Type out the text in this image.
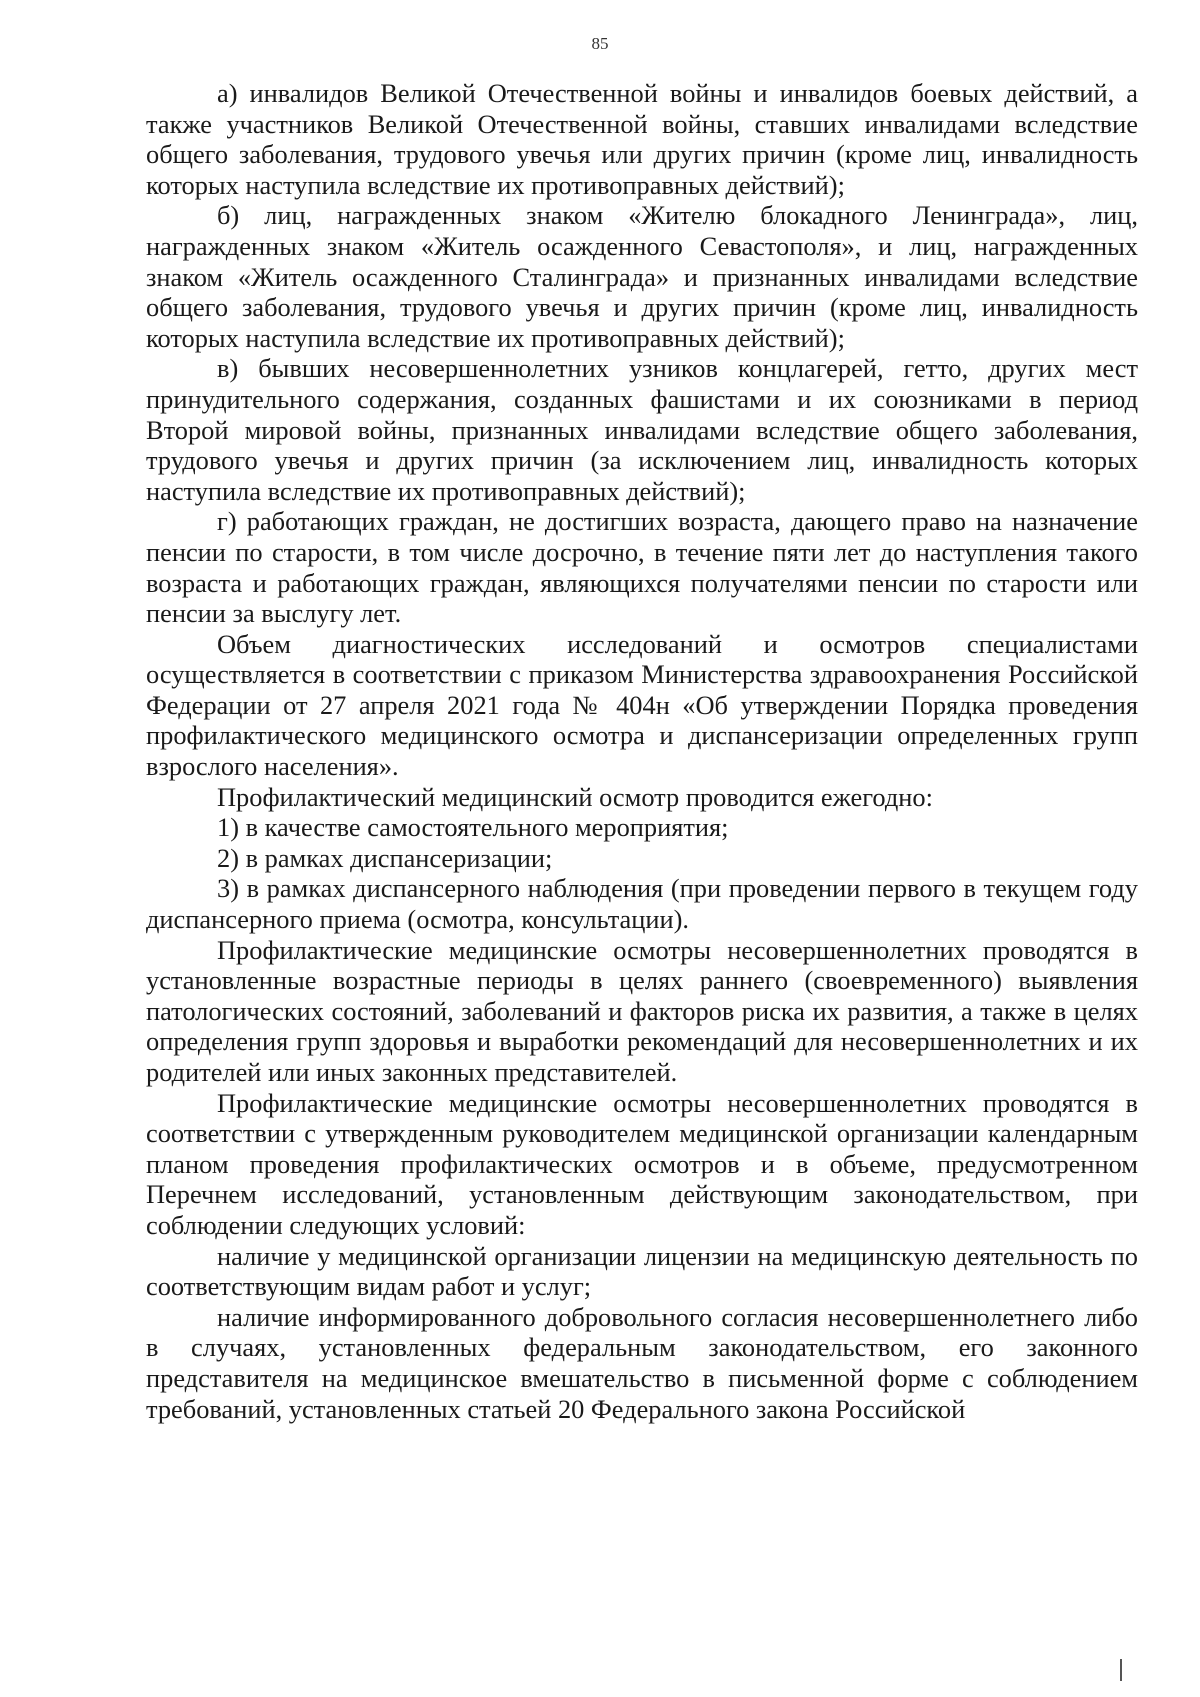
85

а) инвалидов Великой Отечественной войны и инвалидов боевых действий, а также участников Великой Отечественной войны, ставших инвалидами вследствие общего заболевания, трудового увечья или других причин (кроме лиц, инвалидность которых наступила вследствие их противоправных действий);

б) лиц, награжденных знаком «Жителю блокадного Ленинграда», лиц, награжденных знаком «Житель осажденного Севастополя», и лиц, награжденных знаком «Житель осажденного Сталинграда» и признанных инвалидами вследствие общего заболевания, трудового увечья и других причин (кроме лиц, инвалидность которых наступила вследствие их противоправных действий);

в) бывших несовершеннолетних узников концлагерей, гетто, других мест принудительного содержания, созданных фашистами и их союзниками в период Второй мировой войны, признанных инвалидами вследствие общего заболевания, трудового увечья и других причин (за исключением лиц, инвалидность которых наступила вследствие их противоправных действий);

г) работающих граждан, не достигших возраста, дающего право на назначение пенсии по старости, в том числе досрочно, в течение пяти лет до наступления такого возраста и работающих граждан, являющихся получателями пенсии по старости или пенсии за выслугу лет.

Объем диагностических исследований и осмотров специалистами осуществляется в соответствии с приказом Министерства здравоохранения Российской Федерации от 27 апреля 2021 года № 404н «Об утверждении Порядка проведения профилактического медицинского осмотра и диспансеризации определенных групп взрослого населения».

Профилактический медицинский осмотр проводится ежегодно:

1) в качестве самостоятельного мероприятия;

2) в рамках диспансеризации;

3) в рамках диспансерного наблюдения (при проведении первого в текущем году диспансерного приема (осмотра, консультации).

Профилактические медицинские осмотры несовершеннолетних проводятся в установленные возрастные периоды в целях раннего (своевременного) выявления патологических состояний, заболеваний и факторов риска их развития, а также в целях определения групп здоровья и выработки рекомендаций для несовершеннолетних и их родителей или иных законных представителей.

Профилактические медицинские осмотры несовершеннолетних проводятся в соответствии с утвержденным руководителем медицинской организации календарным планом проведения профилактических осмотров и в объеме, предусмотренном Перечнем исследований, установленным действующим законодательством, при соблюдении следующих условий:

наличие у медицинской организации лицензии на медицинскую деятельность по соответствующим видам работ и услуг;

наличие информированного добровольного согласия несовершеннолетнего либо в случаях, установленных федеральным законодательством, его законного представителя на медицинское вмешательство в письменной форме с соблюдением требований, установленных статьей 20 Федерального закона Российской
